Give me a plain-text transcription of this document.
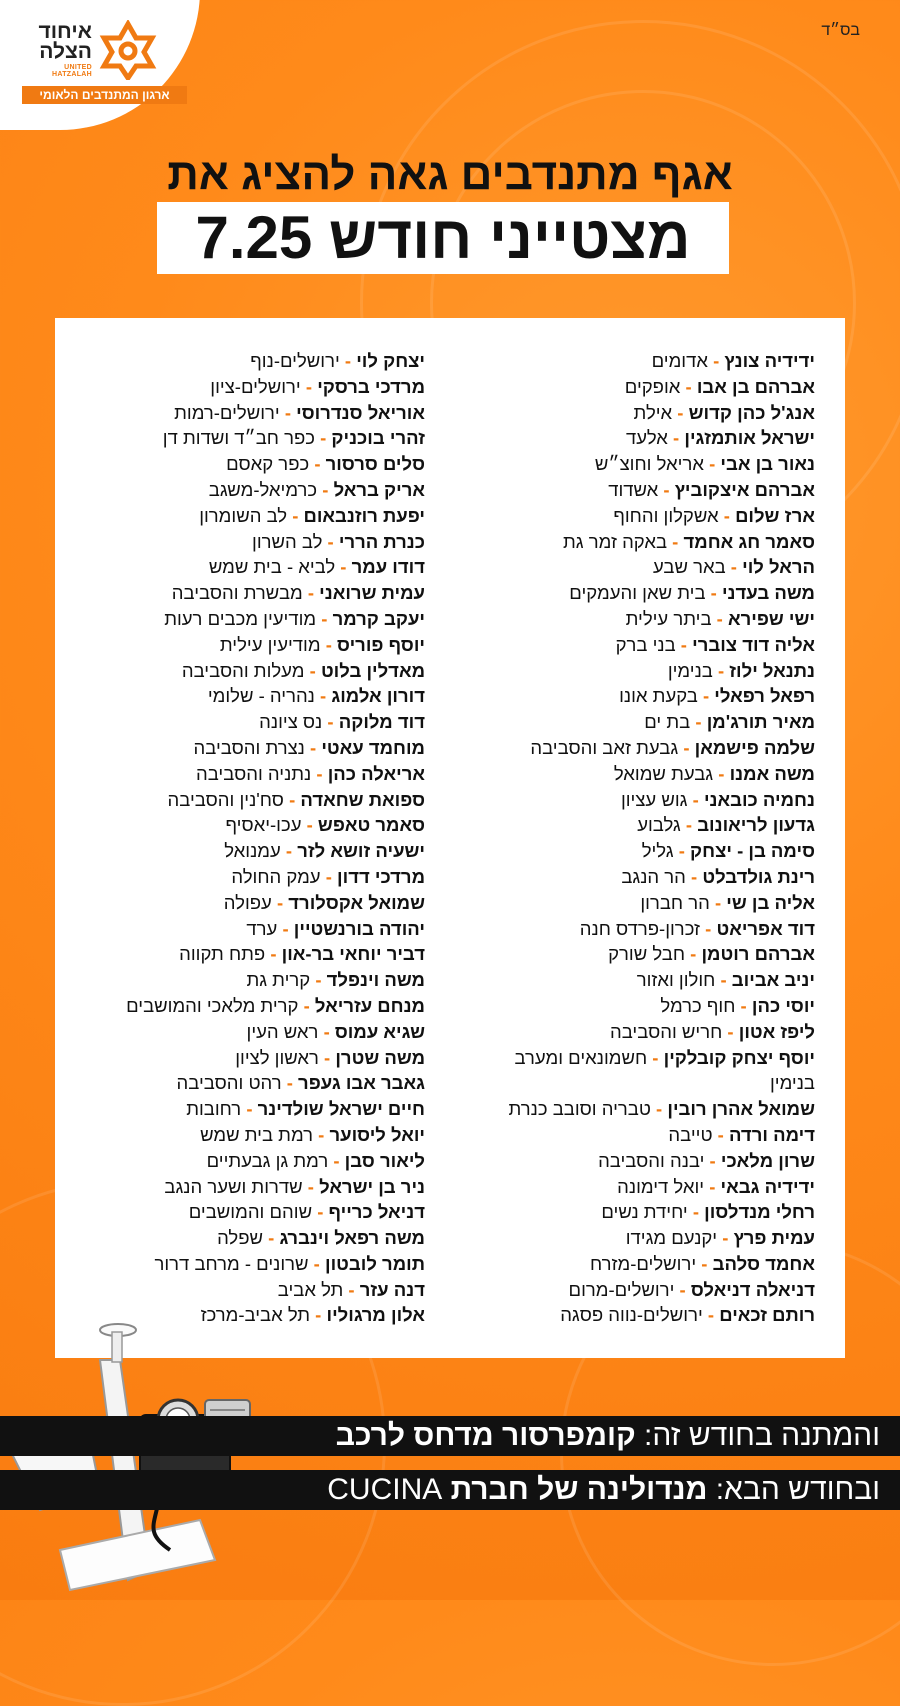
איחוד הצלה
UNITED HATZALAH
ארגון המתנדבים הלאומי
בס״ד
אגף מתנדבים גאה להציג את
מצטייני חודש 7.25
ידידיה צונץ - אדומים
אברהם בן אבו - אופקים
אנג'ל כהן קדוש - אילת
ישראל אותמזגין - אלעד
נאור בן אבי - אריאל וחוצ״ש
אברהם איצקוביץ - אשדוד
ארז שלום - אשקלון והחוף
סאמר חג אחמד - באקה זמר גת
הראל לוי - באר שבע
משה בעדני - בית שאן והעמקים
ישי שפירא - ביתר עילית
אליה דוד צוברי - בני ברק
נתנאל ילוז - בנימין
רפאל רפאלי - בקעת אונו
מאיר תורג'מן - בת ים
שלמה פישמאן - גבעת זאב והסביבה
משה אמנו - גבעת שמואל
נחמיה כובאני - גוש עציון
גדעון לריאונוב - גלבוע
סימה בן - יצחק - גליל
רינת גולדבלט - הר הנגב
אליה בן שי - הר חברון
דוד אפריאט - זכרון-פרדס חנה
אברהם רוטמן - חבל שורק
יניב אביוב - חולון ואזור
יוסי כהן - חוף כרמל
ליפז אטון - חריש והסביבה
יוסף יצחק קובלקין - חשמונאים ומערב בנימין
שמואל אהרן רובין - טבריה וסובב כנרת
דימה ורדה - טייבה
שרון מלאכי - יבנה והסביבה
ידידיה גבאי - יואל דימונה
רחלי מנדלסון - יחידת נשים
עמית פרץ - יקנעם מגידו
אחמד סלהב - ירושלים-מזרח
דניאלה דניאלס - ירושלים-מרום
רותם זכאים - ירושלים-נווה פסגה
יצחק לוי - ירושלים-נוף
מרדכי ברסקי - ירושלים-ציון
אוריאל סנדרוסי - ירושלים-רמות
זהרי בוכניק - כפר חב״ד ושדות דן
סלים סרסור - כפר קאסם
אריק בראל - כרמיאל-משגב
יפעת רוזנבאום - לב השומרון
כנרת הררי - לב השרון
דודו עמר - לביא - בית שמש
עמית שרואני - מבשרת והסביבה
יעקב קרמר - מודיעין מכבים רעות
יוסף פוריס - מודיעין עילית
מאדלין בלוט - מעלות והסביבה
דורון אלמוג - נהריה - שלומי
דוד מלוקה - נס ציונה
מוחמד עאטי - נצרת והסביבה
אריאלה כהן - נתניה והסביבה
ספואת שחאדה - סח'נין והסביבה
סאמר טאפש - עכו-יאסיף
ישעיה זושא לזר - עמנואל
מרדכי דדון - עמק החולה
שמואל אקסלורד - עפולה
יהודה בורנשטיין - ערד
דביר יוחאי בר-און - פתח תקווה
משה וינפלד - קרית גת
מנחם עזריאל - קרית מלאכי והמושבים
שגיא עמוס - ראש העין
משה שטרן - ראשון לציון
גאבר אבו געפר - רהט והסביבה
חיים ישראל שולדינר - רחובות
יואל ליסוער - רמת בית שמש
ליאור סבן - רמת גן גבעתיים
ניר בן ישראל - שדרות ושער הנגב
דניאל כרייף - שוהם והמושבים
משה רפאל וינברג - שפלה
תומר לובטון - שרונים - מרחב דרור
דנה עזר - תל אביב
אלון מרגוליו - תל אביב-מרכז
והמתנה בחודש זה: קומפרסור מדחס לרכב
ובחודש הבא: מנדולינה של חברת CUCINA
